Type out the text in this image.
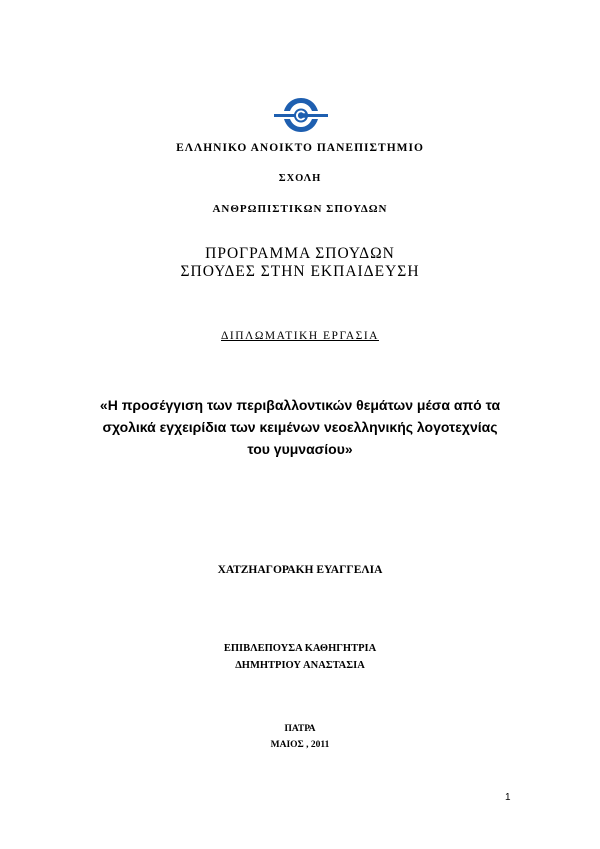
ΕΛΛΗΝΙΚΟ ΑΝΟΙΚΤΟ ΠΑΝΕΠΙΣΤΗΜΙΟ
ΣΧΟΛΗ
ΑΝΘΡΩΠΙΣΤΙΚΩΝ ΣΠΟΥΔΩΝ
ΠΡΟΓΡΑΜΜΑ ΣΠΟΥΔΩΝ
ΣΠΟΥΔΕΣ ΣΤΗΝ ΕΚΠΑΙΔΕΥΣΗ
ΔΙΠΛΩΜΑΤΙΚΗ ΕΡΓΑΣΙΑ
«Η προσέγγιση των περιβαλλοντικών θεμάτων μέσα από τα
σχολικά εγχειρίδια των κειμένων νεοελληνικής λογοτεχνίας
του γυμνασίου»
ΧΑΤΖΗΑΓΟΡΑΚΗ ΕΥΑΓΓΕΛΙΑ
ΕΠΙΒΛΕΠΟΥΣΑ ΚΑΘΗΓΗΤΡΙΑ
ΔΗΜΗΤΡΙΟΥ ΑΝΑΣΤΑΣΙΑ
ΠΑΤΡΑ
ΜΑΙΟΣ , 2011
1
